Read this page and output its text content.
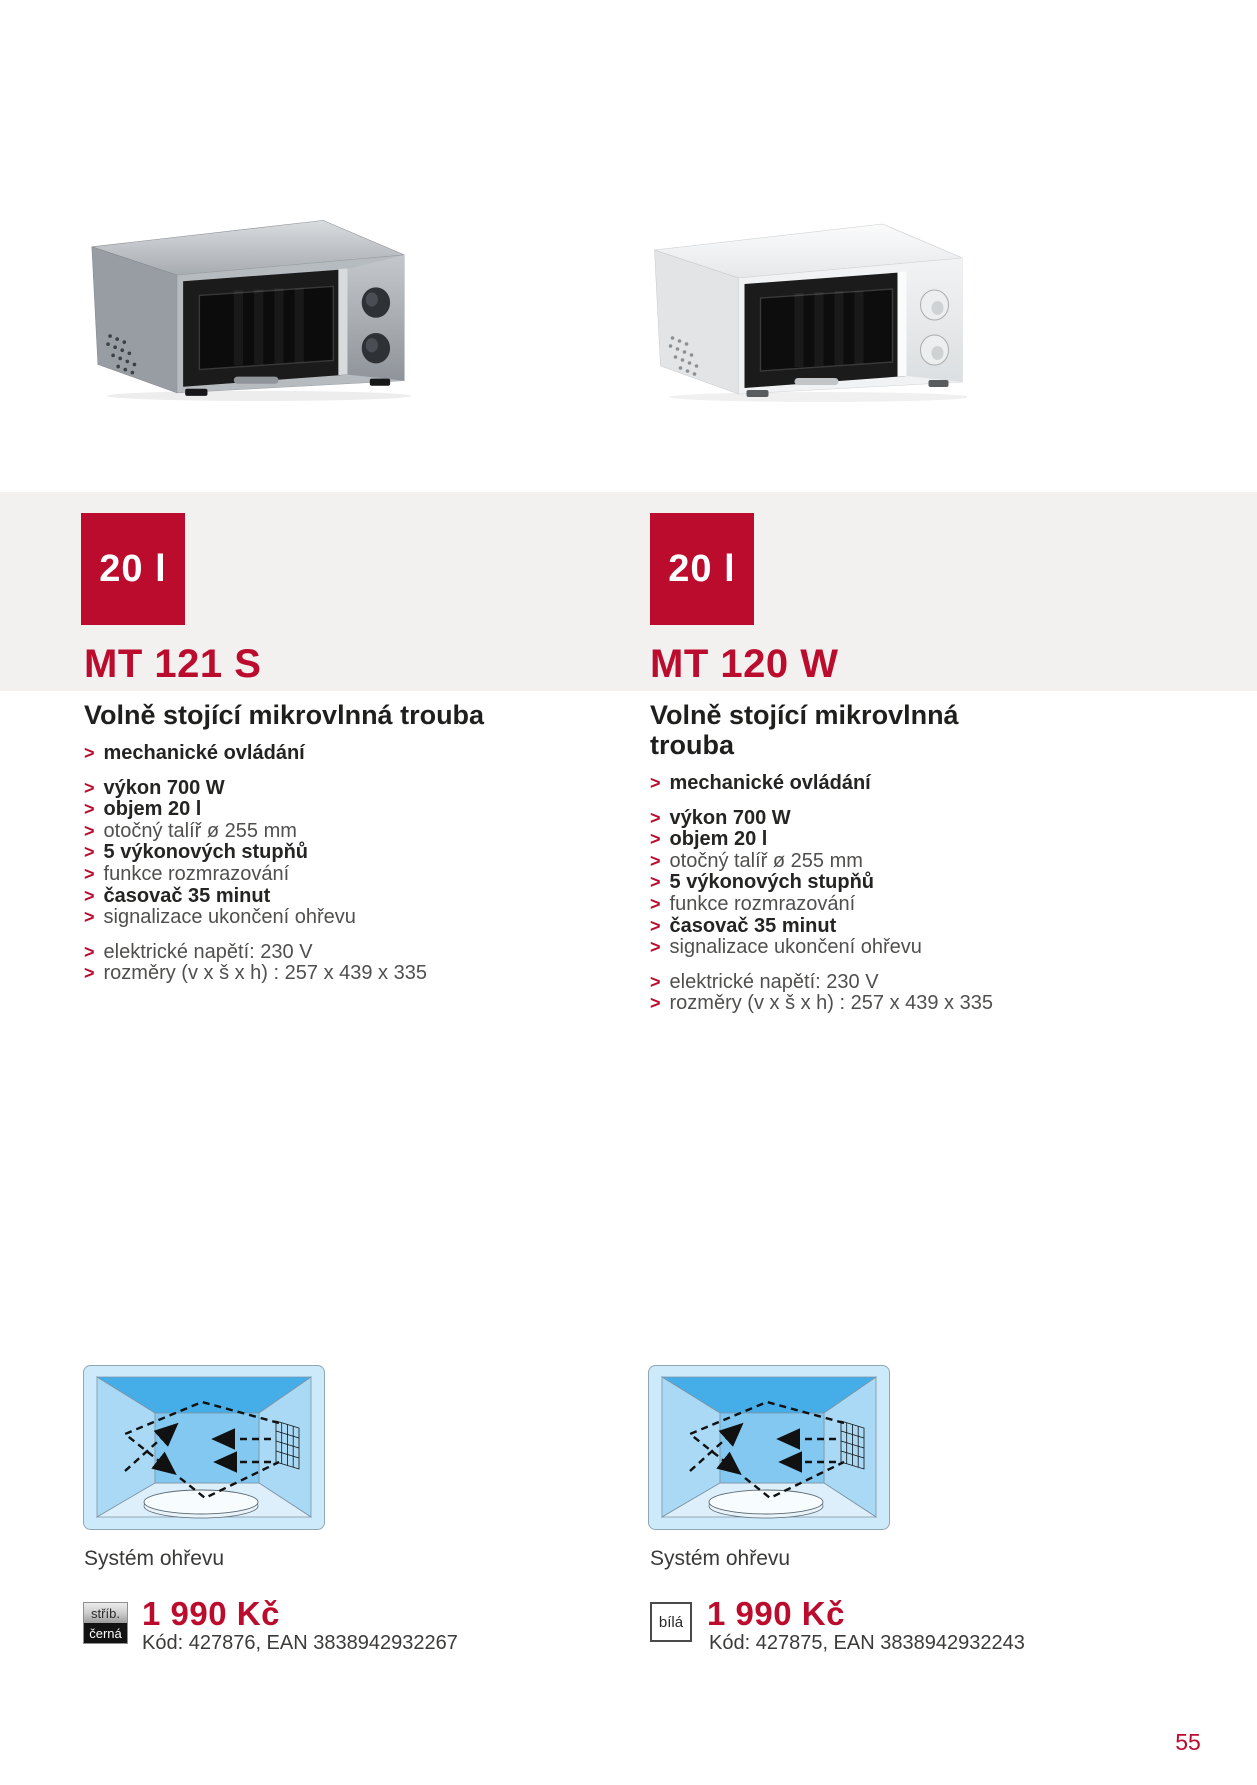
20 l
MT 121 S
Volně stojící mikrovlnná trouba
> mechanické ovládání
> výkon 700 W
> objem 20 l
> otočný talíř ø 255 mm
> 5 výkonových stupňů
> funkce rozmrazování
> časovač 35 minut
> signalizace ukončení ohřevu
> elektrické napětí: 230 V
> rozměry (v x š x h) : 257 x 439 x 335
Systém ohřevu
stříb.
černá
1 990 Kč
Kód: 427876, EAN 3838942932267
20 l
MT 120 W
Volně stojící mikrovlnná trouba
> mechanické ovládání
> výkon 700 W
> objem 20 l
> otočný talíř ø 255 mm
> 5 výkonových stupňů
> funkce rozmrazování
> časovač 35 minut
> signalizace ukončení ohřevu
> elektrické napětí: 230 V
> rozměry (v x š x h) : 257 x 439 x 335
Systém ohřevu
bílá 1 990 Kč
Kód: 427875, EAN 3838942932243
55
